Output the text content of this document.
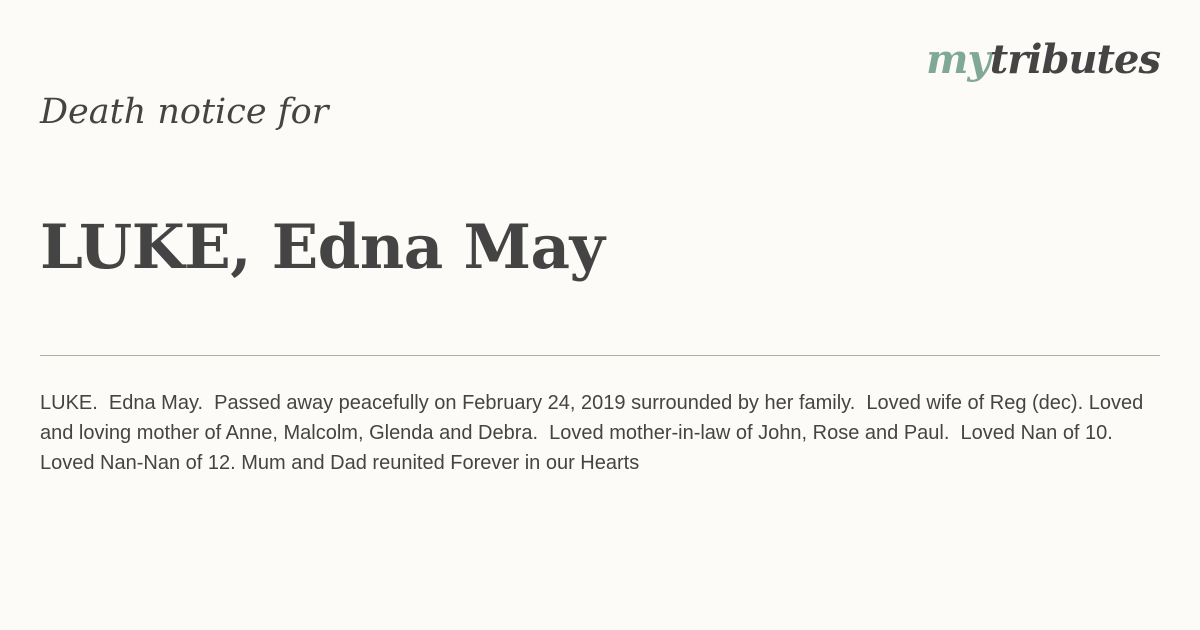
mytributes
Death notice for
LUKE, Edna May

LUKE.  Edna May.  Passed away peacefully on February 24, 2019 surrounded by her family.  Loved wife of Reg (dec). Loved and loving mother of Anne, Malcolm, Glenda and Debra.  Loved mother-in-law of John, Rose and Paul.  Loved Nan of 10. Loved Nan-Nan of 12. Mum and Dad reunited Forever in our Hearts
